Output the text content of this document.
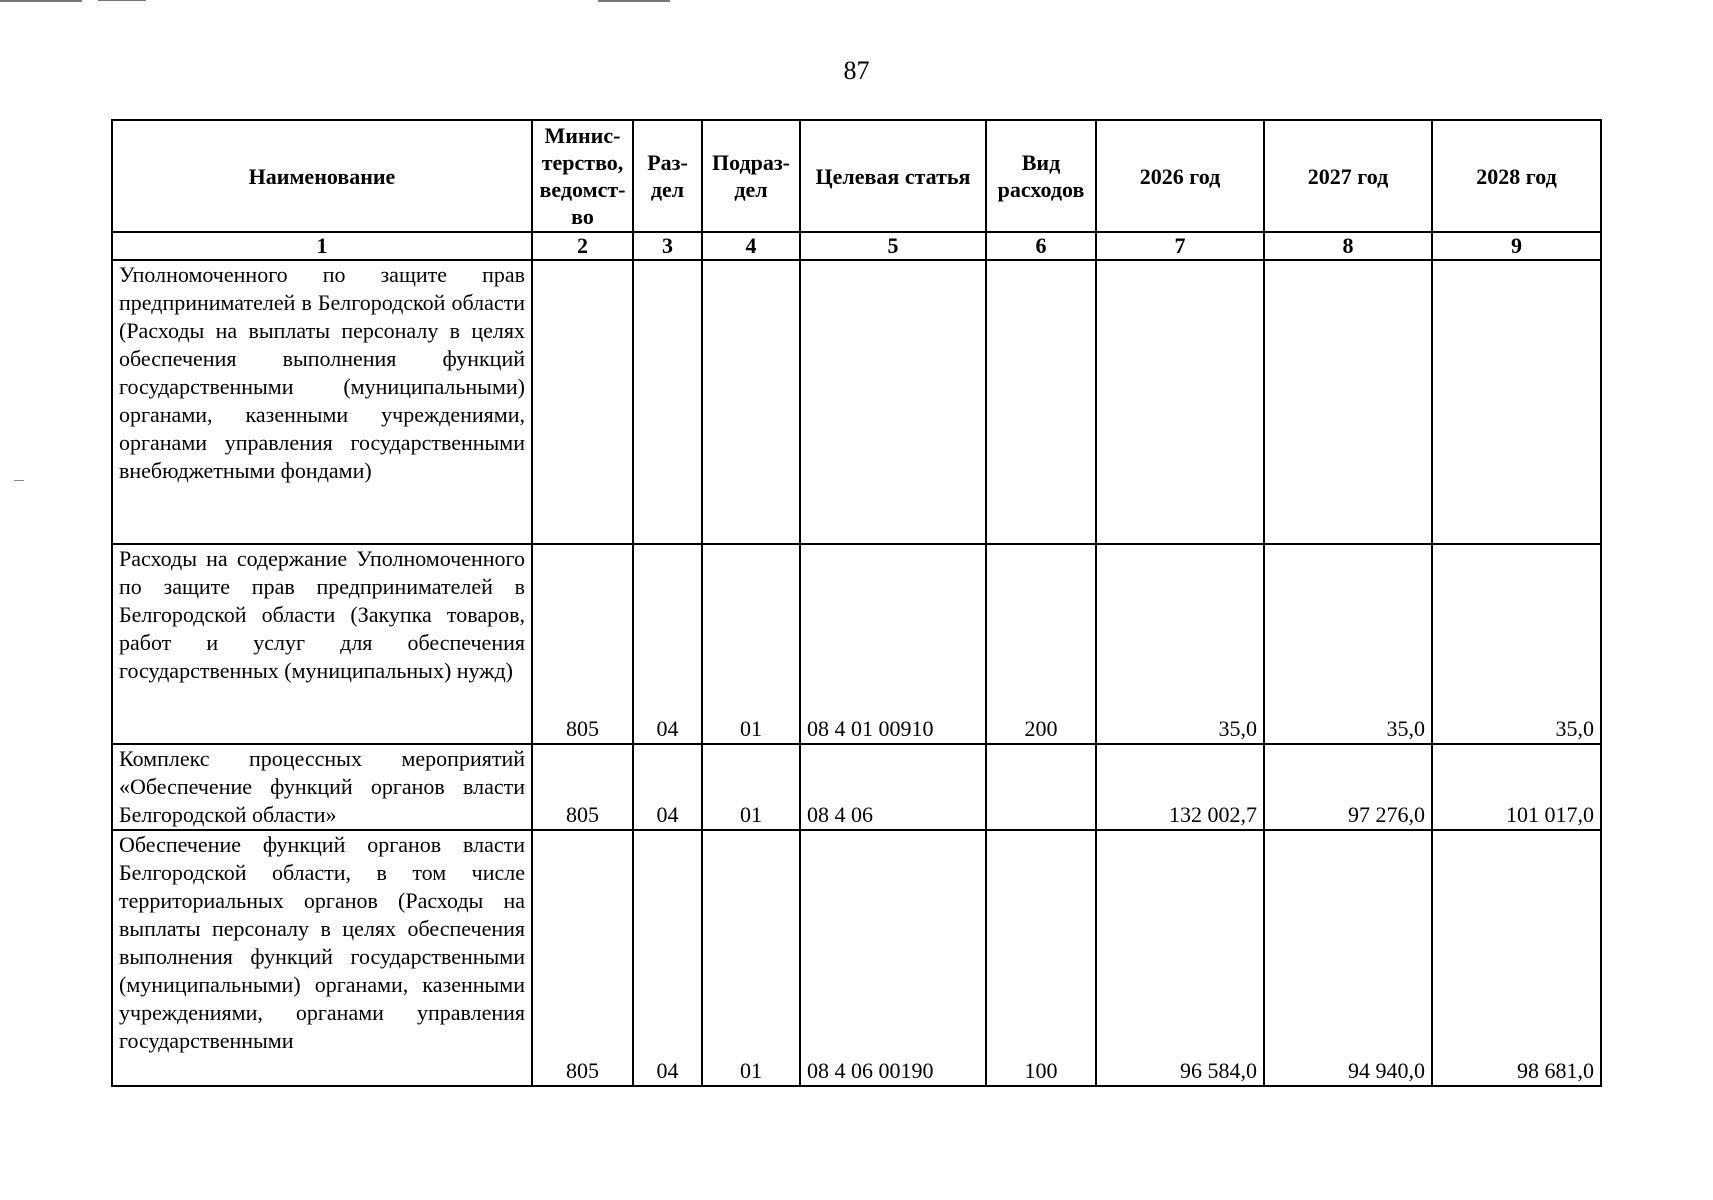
87
Наименование	Минис-терство, ведомст-во	Раз-дел	Подраз-дел	Целевая статья	Вид расходов	2026 год	2027 год	2028 год
1	2	3	4	5	6	7	8	9
Уполномоченного по защите прав предпринимателей в Белгородской области (Расходы на выплаты персоналу в целях обеспечения выполнения функций государственными (муниципальными) органами, казенными учреждениями, органами управления государственными внебюджетными фондами)								
Расходы на содержание Уполномоченного по защите прав предпринимателей в Белгородской области (Закупка товаров, работ и услуг для обеспечения государственных (муниципальных) нужд)	805	04	01	08 4 01 00910	200	35,0	35,0	35,0
Комплекс процессных мероприятий «Обеспечение функций органов власти Белгородской области»	805	04	01	08 4 06		132 002,7	97 276,0	101 017,0
Обеспечение функций органов власти Белгородской области, в том числе территориальных органов (Расходы на выплаты персоналу в целях обеспечения выполнения функций государственными (муниципальными) органами, казенными учреждениями, органами управления государственными	805	04	01	08 4 06 00190	100	96 584,0	94 940,0	98 681,0
